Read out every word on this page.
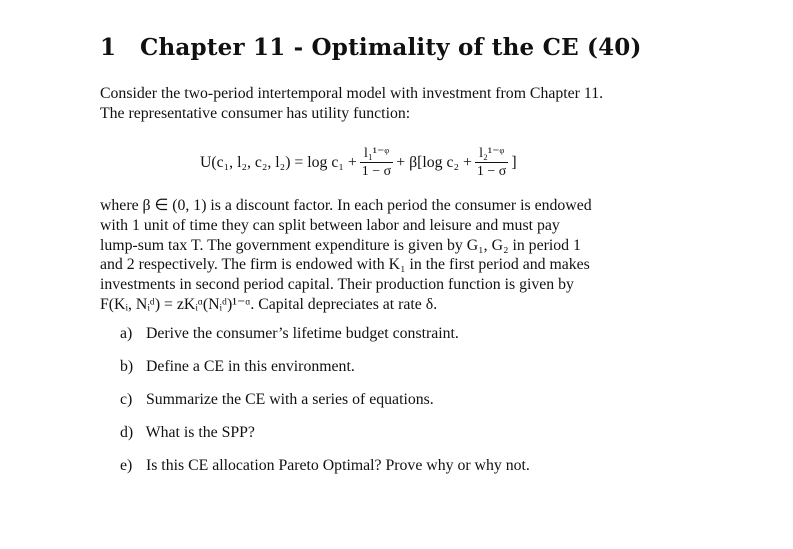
1 Chapter 11 - Optimality of the CE (40)
Consider the two-period intertemporal model with investment from Chapter 11.
The representative consumer has utility function:
U(c₁, l₂, c₂, $l_2) = \log c_1 + \frac{\text{l₁¹⁻ᵠ}}{1 - \sigma} + \beta[\log$ $c_2 + \frac{\text{l₂¹⁻ᵠ}}{1 - \sigma}$ ]
where β ∈ (0, 1) is a discount factor. In each period the consumer is endowed
with 1 unit of time they can split between labor and leisure and must pay
lump-sum tax T. The government expenditure is given by G₁, G₂ in period 1
and 2 respectively. The firm is endowed with K₁ in the first period and makes
investments in second period capital. Their production function is given by
F(Kᵢ, Nᵢᵈ) = zKᵢᵅ(Nᵢᵈ)¹⁻ᵅ. Capital depreciates at rate δ.
a) Derive the consumer’s lifetime budget constraint.
b) Define a CE in this environment.
c) Summarize the CE with a series of equations.
d) What is the SPP?
e) Is this CE allocation Pareto Optimal? Prove why or why not.
